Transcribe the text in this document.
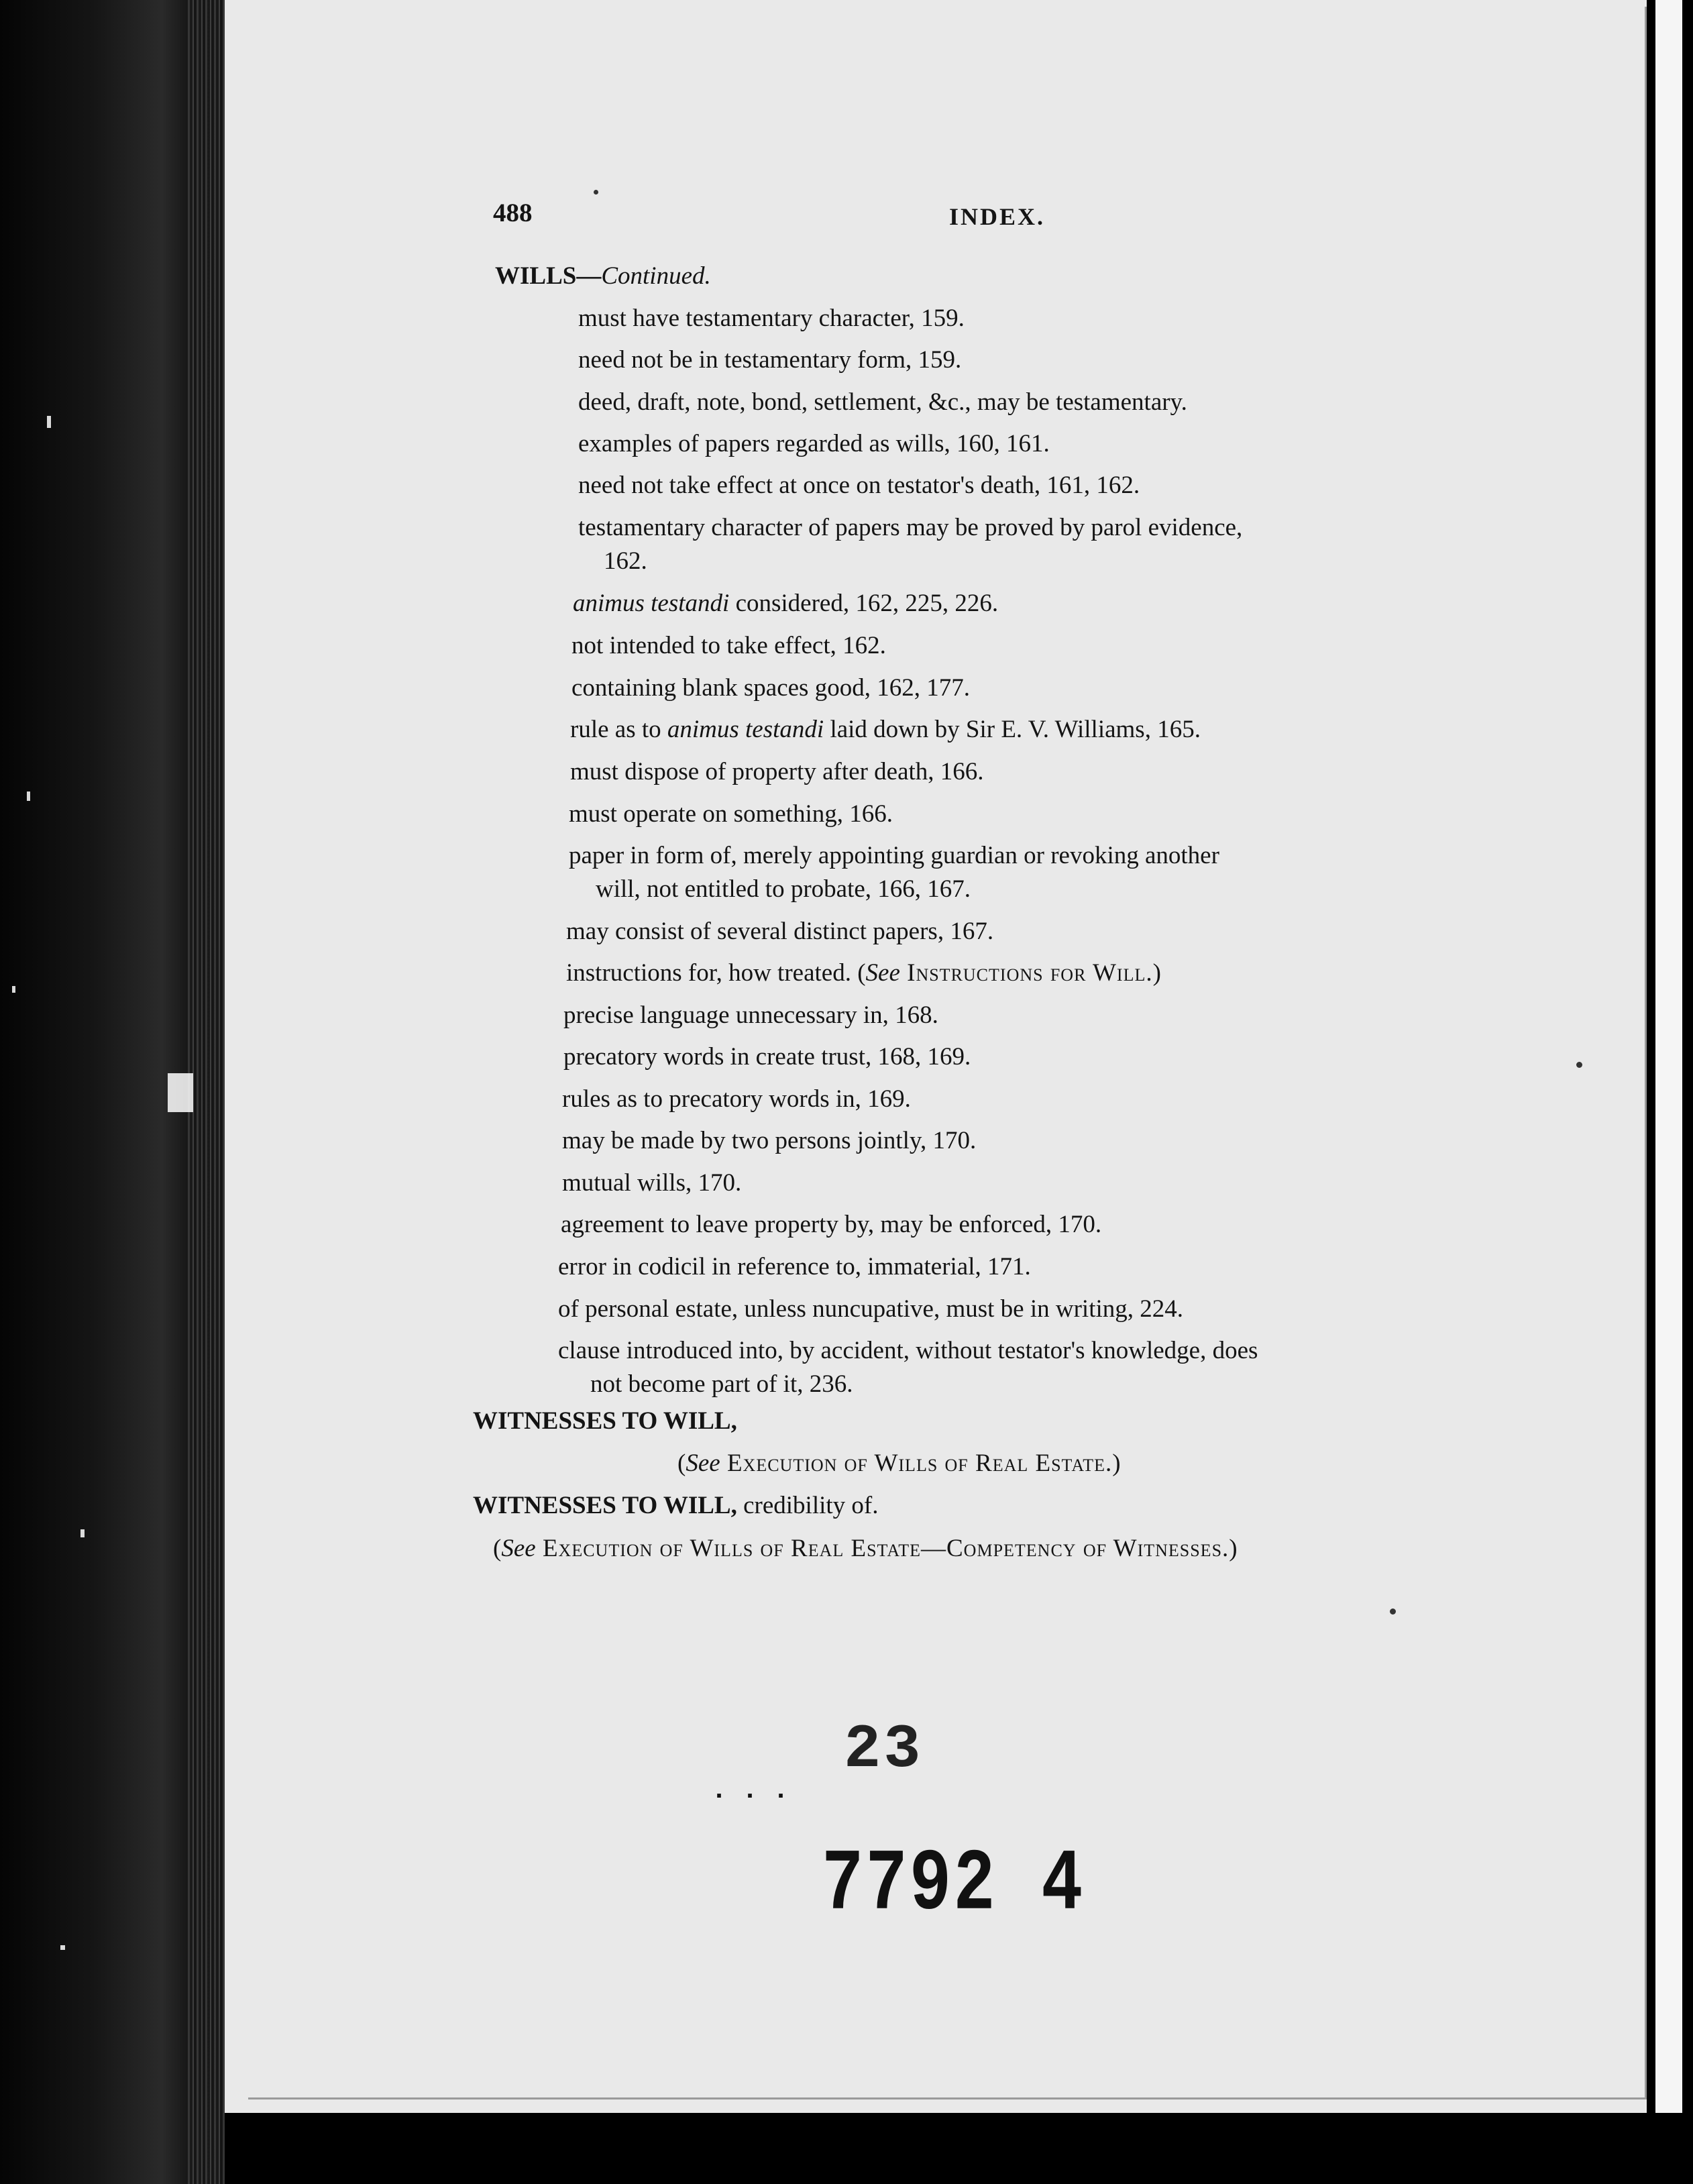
488	INDEX.
WILLS—Continued.
must have testamentary character, 159.
need not be in testamentary form, 159.
deed, draft, note, bond, settlement, &c., may be testamentary.
examples of papers regarded as wills, 160, 161.
need not take effect at once on testator's death, 161, 162.
testamentary character of papers may be proved by parol evidence,
162.
animus testandi considered, 162, 225, 226.
not intended to take effect, 162.
containing blank spaces good, 162, 177.
rule as to animus testandi laid down by Sir E. V. Williams, 165.
must dispose of property after death, 166.
must operate on something, 166.
paper in form of, merely appointing guardian or revoking another
will, not entitled to probate, 166, 167.
may consist of several distinct papers, 167.
instructions for, how treated. (See Instructions for Will.)
precise language unnecessary in, 168.
precatory words in create trust, 168, 169.
rules as to precatory words in, 169.
may be made by two persons jointly, 170.
mutual wills, 170.
agreement to leave property by, may be enforced, 170.
error in codicil in reference to, immaterial, 171.
of personal estate, unless nuncupative, must be in writing, 224.
clause introduced into, by accident, without testator's knowledge, does
not become part of it, 236.
WITNESSES TO WILL,
(See Execution of Wills of Real Estate.)
WITNESSES TO WILL, credibility of.
(See Execution of Wills of Real Estate—Competency of Witnesses.)
23
...
7792 4
